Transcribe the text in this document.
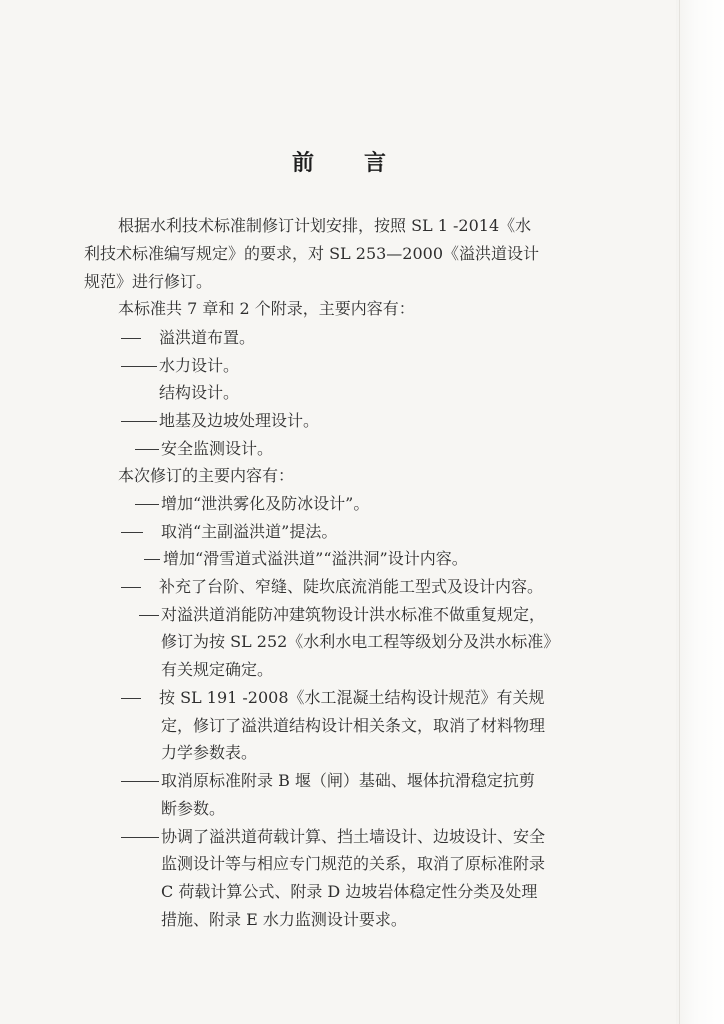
前 言
根据水利技术标准制修订计划安排，按照 SL 1 -2014《水
利技术标准编写规定》的要求，对 SL 253—2000《溢洪道设计
规范》进行修订。
本标准共 7 章和 2 个附录，主要内容有：
溢洪道布置。
水力设计。
结构设计。
地基及边坡处理设计。
安全监测设计。
本次修订的主要内容有：
增加“泄洪雾化及防冰设计”。
取消“主副溢洪道”提法。
增加“滑雪道式溢洪道”“溢洪洞”设计内容。
补充了台阶、窄缝、陡坎底流消能工型式及设计内容。
对溢洪道消能防冲建筑物设计洪水标准不做重复规定，
修订为按 SL 252《水利水电工程等级划分及洪水标准》
有关规定确定。
按 SL 191 -2008《水工混凝土结构设计规范》有关规
定，修订了溢洪道结构设计相关条文，取消了材料物理
力学参数表。
取消原标准附录 B 堰（闸）基础、堰体抗滑稳定抗剪
断参数。
协调了溢洪道荷载计算、挡土墙设计、边坡设计、安全
监测设计等与相应专门规范的关系，取消了原标准附录
C 荷载计算公式、附录 D 边坡岩体稳定性分类及处理
措施、附录 E 水力监测设计要求。
